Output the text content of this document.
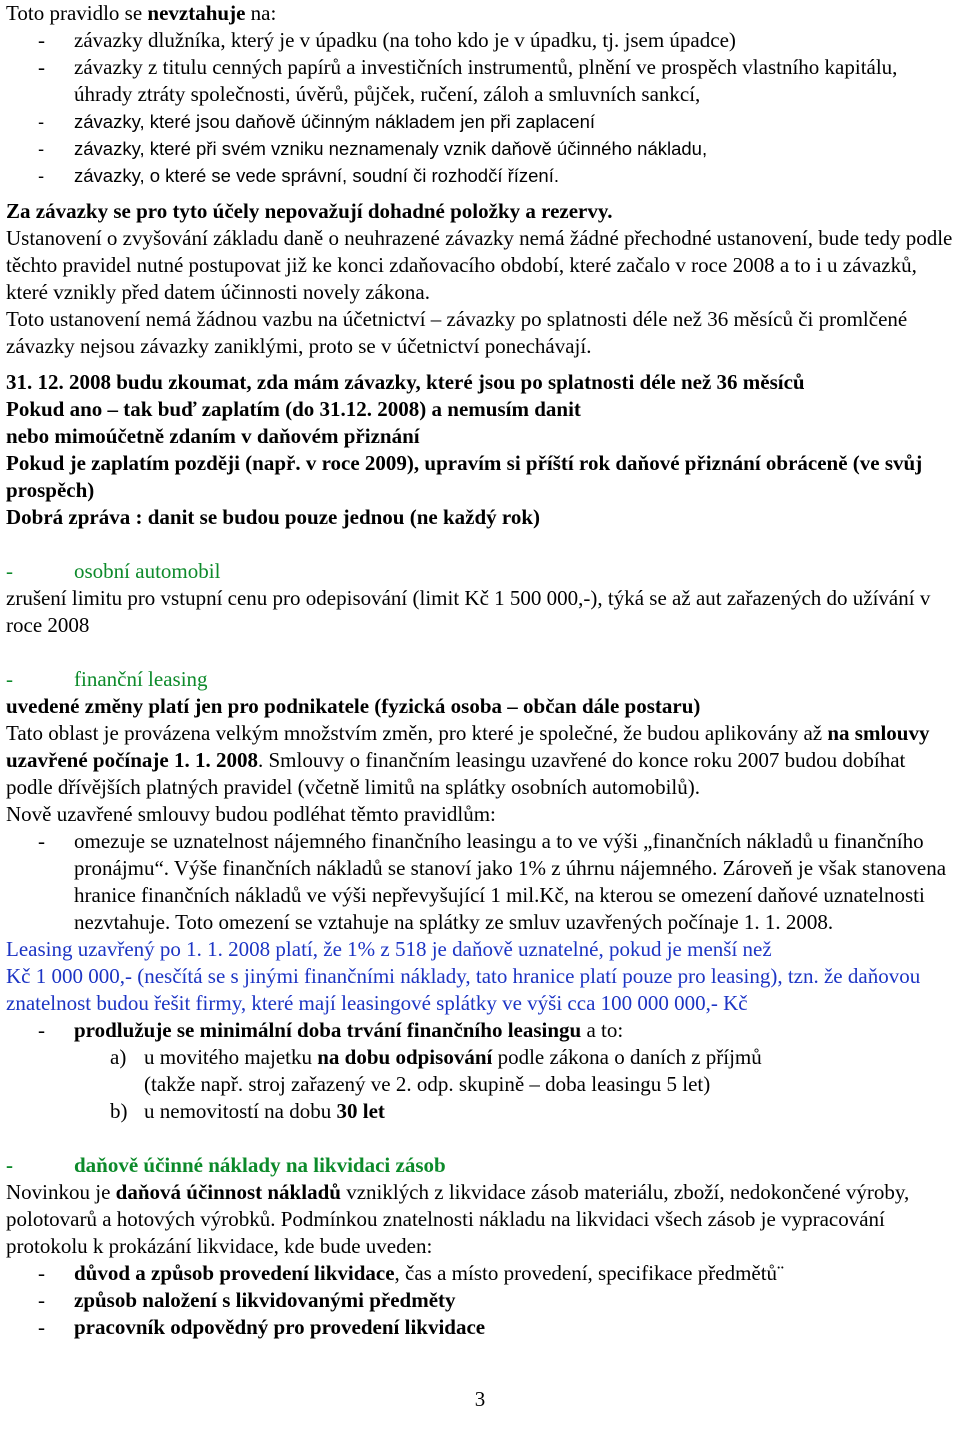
Toto pravidlo se nevztahuje na:

-	závazky dlužníka, který je v úpadku (na toho kdo je v úpadku, tj. jsem úpadce)
-	závazky z titulu cenných papírů a investičních instrumentů, plnění ve prospěch vlastního kapitálu, úhrady ztráty společnosti, úvěrů, půjček, ručení, záloh a smluvních sankcí,
-	závazky, které jsou daňově účinným nákladem jen při zaplacení
-	závazky, které při svém vzniku neznamenaly vznik daňově účinného nákladu,
-	závazky, o které se vede správní, soudní či rozhodčí řízení.

Za závazky se pro tyto účely nepovažují dohadné položky a rezervy.

Ustanovení o zvyšování základu daně o neuhrazené závazky nemá žádné přechodné ustanovení, bude tedy podle těchto pravidel nutné postupovat již ke konci zdaňovacího období, které začalo v roce 2008 a to i u závazků, které vznikly před datem účinnosti novely zákona.

Toto ustanovení nemá žádnou vazbu na účetnictví – závazky po splatnosti déle než 36 měsíců či promlčené závazky nejsou závazky zaniklými, proto se v účetnictví ponechávají.

31. 12. 2008 budu zkoumat, zda mám závazky, které jsou po splatnosti déle než 36 měsíců

Pokud ano – tak buď zaplatím (do 31.12. 2008) a nemusím danit

nebo mimoúčetně zdaním v daňovém přiznání

Pokud je zaplatím později (např. v roce 2009), upravím si příští rok daňové přiznání obráceně (ve svůj prospěch)

Dobrá zpráva : danit se budou pouze jednou (ne každý rok)

-	osobní automobil

zrušení limitu pro vstupní cenu pro odepisování (limit Kč 1 500 000,-), týká se až aut zařazených do užívání v roce 2008

-	finanční leasing

uvedené změny platí jen pro podnikatele (fyzická osoba – občan dále postaru)

Tato oblast je provázena velkým množstvím změn, pro které je společné, že budou aplikovány až na smlouvy uzavřené počínaje 1. 1. 2008. Smlouvy o finančním leasingu uzavřené do konce roku 2007 budou dobíhat podle dřívějších platných pravidel (včetně limitů na splátky osobních automobilů).

Nově uzavřené smlouvy budou podléhat těmto pravidlům:

-	omezuje se uznatelnost nájemného finančního leasingu a to ve výši „finančních nákladů u finančního pronájmu“. Výše finančních nákladů se stanoví jako 1% z úhrnu nájemného. Zároveň je však stanovena hranice finančních nákladů ve výši nepřevyšující 1 mil.Kč, na kterou se omezení daňové uznatelnosti nezvtahuje. Toto omezení se vztahuje na splátky ze smluv uzavřených počínaje 1. 1. 2008.

Leasing uzavřený po 1. 1. 2008 platí, že 1% z 518 je daňově uznatelné, pokud je menší než

Kč 1 000 000,- (nesčítá se s jinými finančními náklady, tato hranice platí pouze pro leasing), tzn. že daňovou znatelnost budou řešit firmy, které mají leasingové splátky ve výši cca 100 000 000,- Kč

-	prodlužuje se minimální doba trvání finančního leasingu a to:
a) u movitého majetku na dobu odpisování podle zákona o daních z příjmů

(takže např. stroj zařazený ve 2. odp. skupině – doba leasingu 5 let)

b) u nemovitostí na dobu 30 let
-	daňově účinné náklady na likvidaci zásob

Novinkou je daňová účinnost nákladů vzniklých z likvidace zásob materiálu, zboží, nedokončené výroby, polotovarů a hotových výrobků. Podmínkou znatelnosti nákladu na likvidaci všech zásob je vypracování protokolu k prokázání likvidace, kde bude uveden:

-	důvod a způsob provedení likvidace, čas a místo provedení, specifikace předmětů¨
-	způsob naložení s likvidovanými předměty
-	pracovník odpovědný pro provedení likvidace
3
